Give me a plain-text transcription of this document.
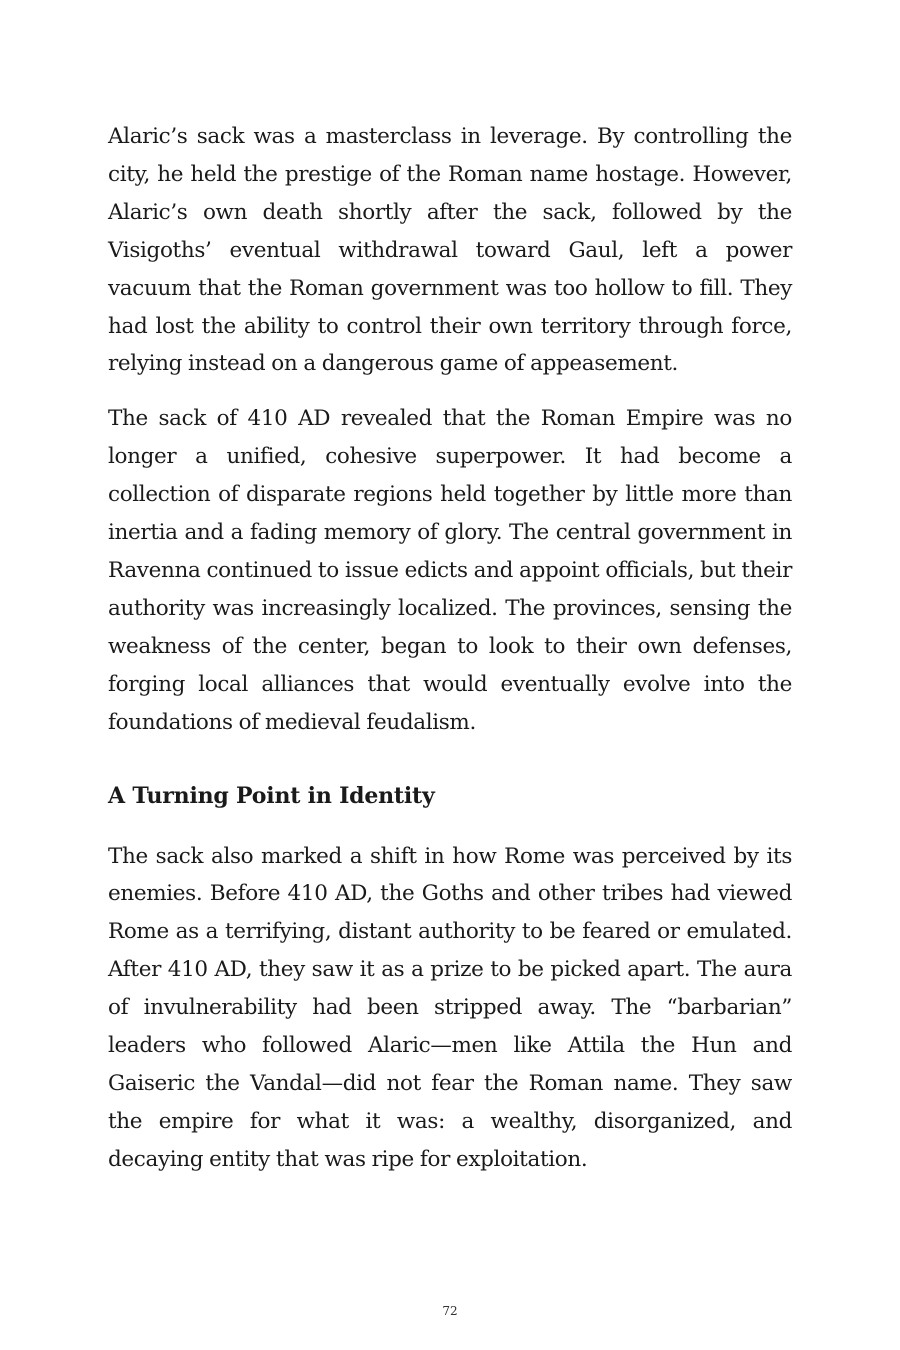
Alaric’s sack was a masterclass in leverage. By controlling the city, he held the prestige of the Roman name hostage. However, Alaric’s own death shortly after the sack, followed by the Visigoths’ eventual withdrawal toward Gaul, left a power vacuum that the Roman government was too hollow to fill. They had lost the ability to control their own territory through force, relying instead on a dangerous game of appeasement.

The sack of 410 AD revealed that the Roman Empire was no longer a unified, cohesive superpower. It had become a collection of disparate regions held together by little more than inertia and a fading memory of glory. The central government in Ravenna continued to issue edicts and appoint officials, but their authority was increasingly localized. The provinces, sensing the weakness of the center, began to look to their own defenses, forging local alliances that would eventually evolve into the foundations of medieval feudalism.

A Turning Point in Identity

The sack also marked a shift in how Rome was perceived by its enemies. Before 410 AD, the Goths and other tribes had viewed Rome as a terrifying, distant authority to be feared or emulated. After 410 AD, they saw it as a prize to be picked apart. The aura of invulnerability had been stripped away. The “barbarian” leaders who followed Alaric—men like Attila the Hun and Gaiseric the Vandal—did not fear the Roman name. They saw the empire for what it was: a wealthy, disorganized, and decaying entity that was ripe for exploitation.

72
